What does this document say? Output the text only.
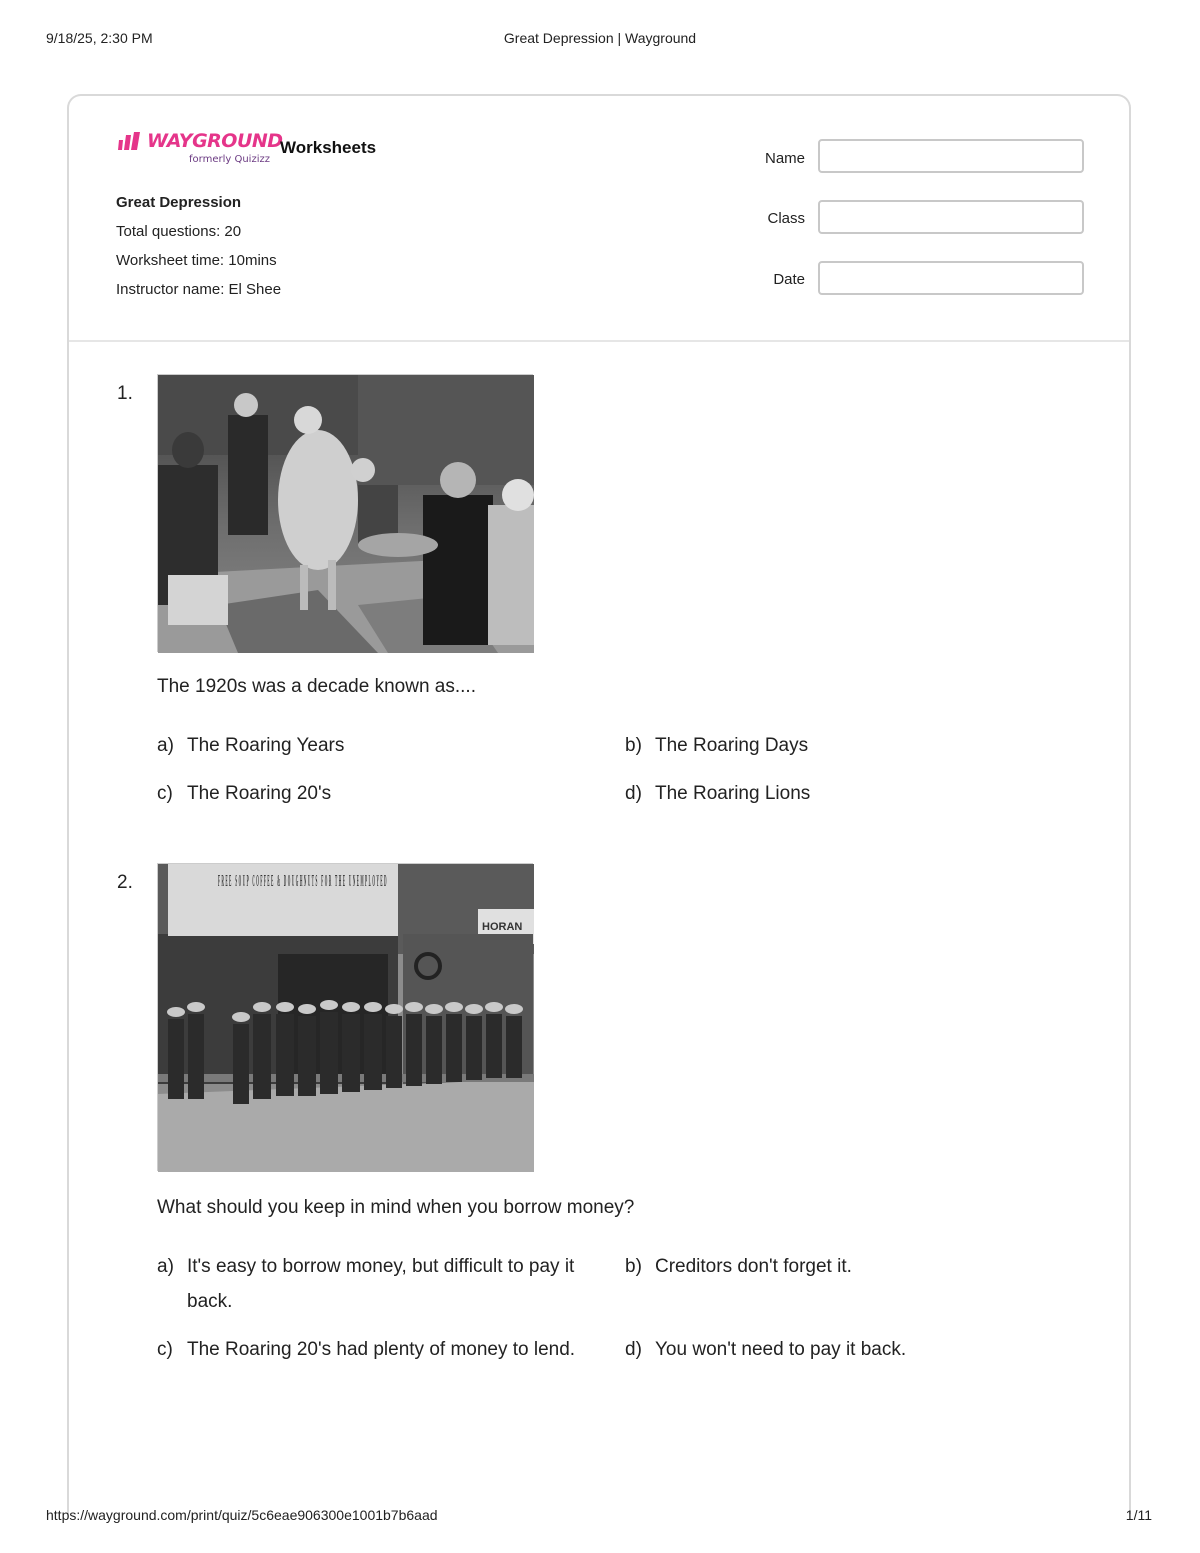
9/18/25, 2:30 PM	Great Depression | Wayground
WAYGROUND
formerly Quizizz
Worksheets
Great Depression
Total questions: 20
Worksheet time: 10mins
Instructor name: El Shee
Name
Class
Date
1.
The 1920s was a decade known as....
a) The Roaring Years	b) The Roaring Days
c) The Roaring 20's	d) The Roaring Lions
2.	FREE SOUP COFFEE & DOUGHNUTS FOR THE UNEMPLOYED
HORAN
What should you keep in mind when you borrow money?
a) It's easy to borrow money, but difficult to pay it back.
b) Creditors don't forget it.
c) The Roaring 20's had plenty of money to lend.	d) You won't need to pay it back.
https://wayground.com/print/quiz/5c6eae906300e1001b7b6aad	1/11
